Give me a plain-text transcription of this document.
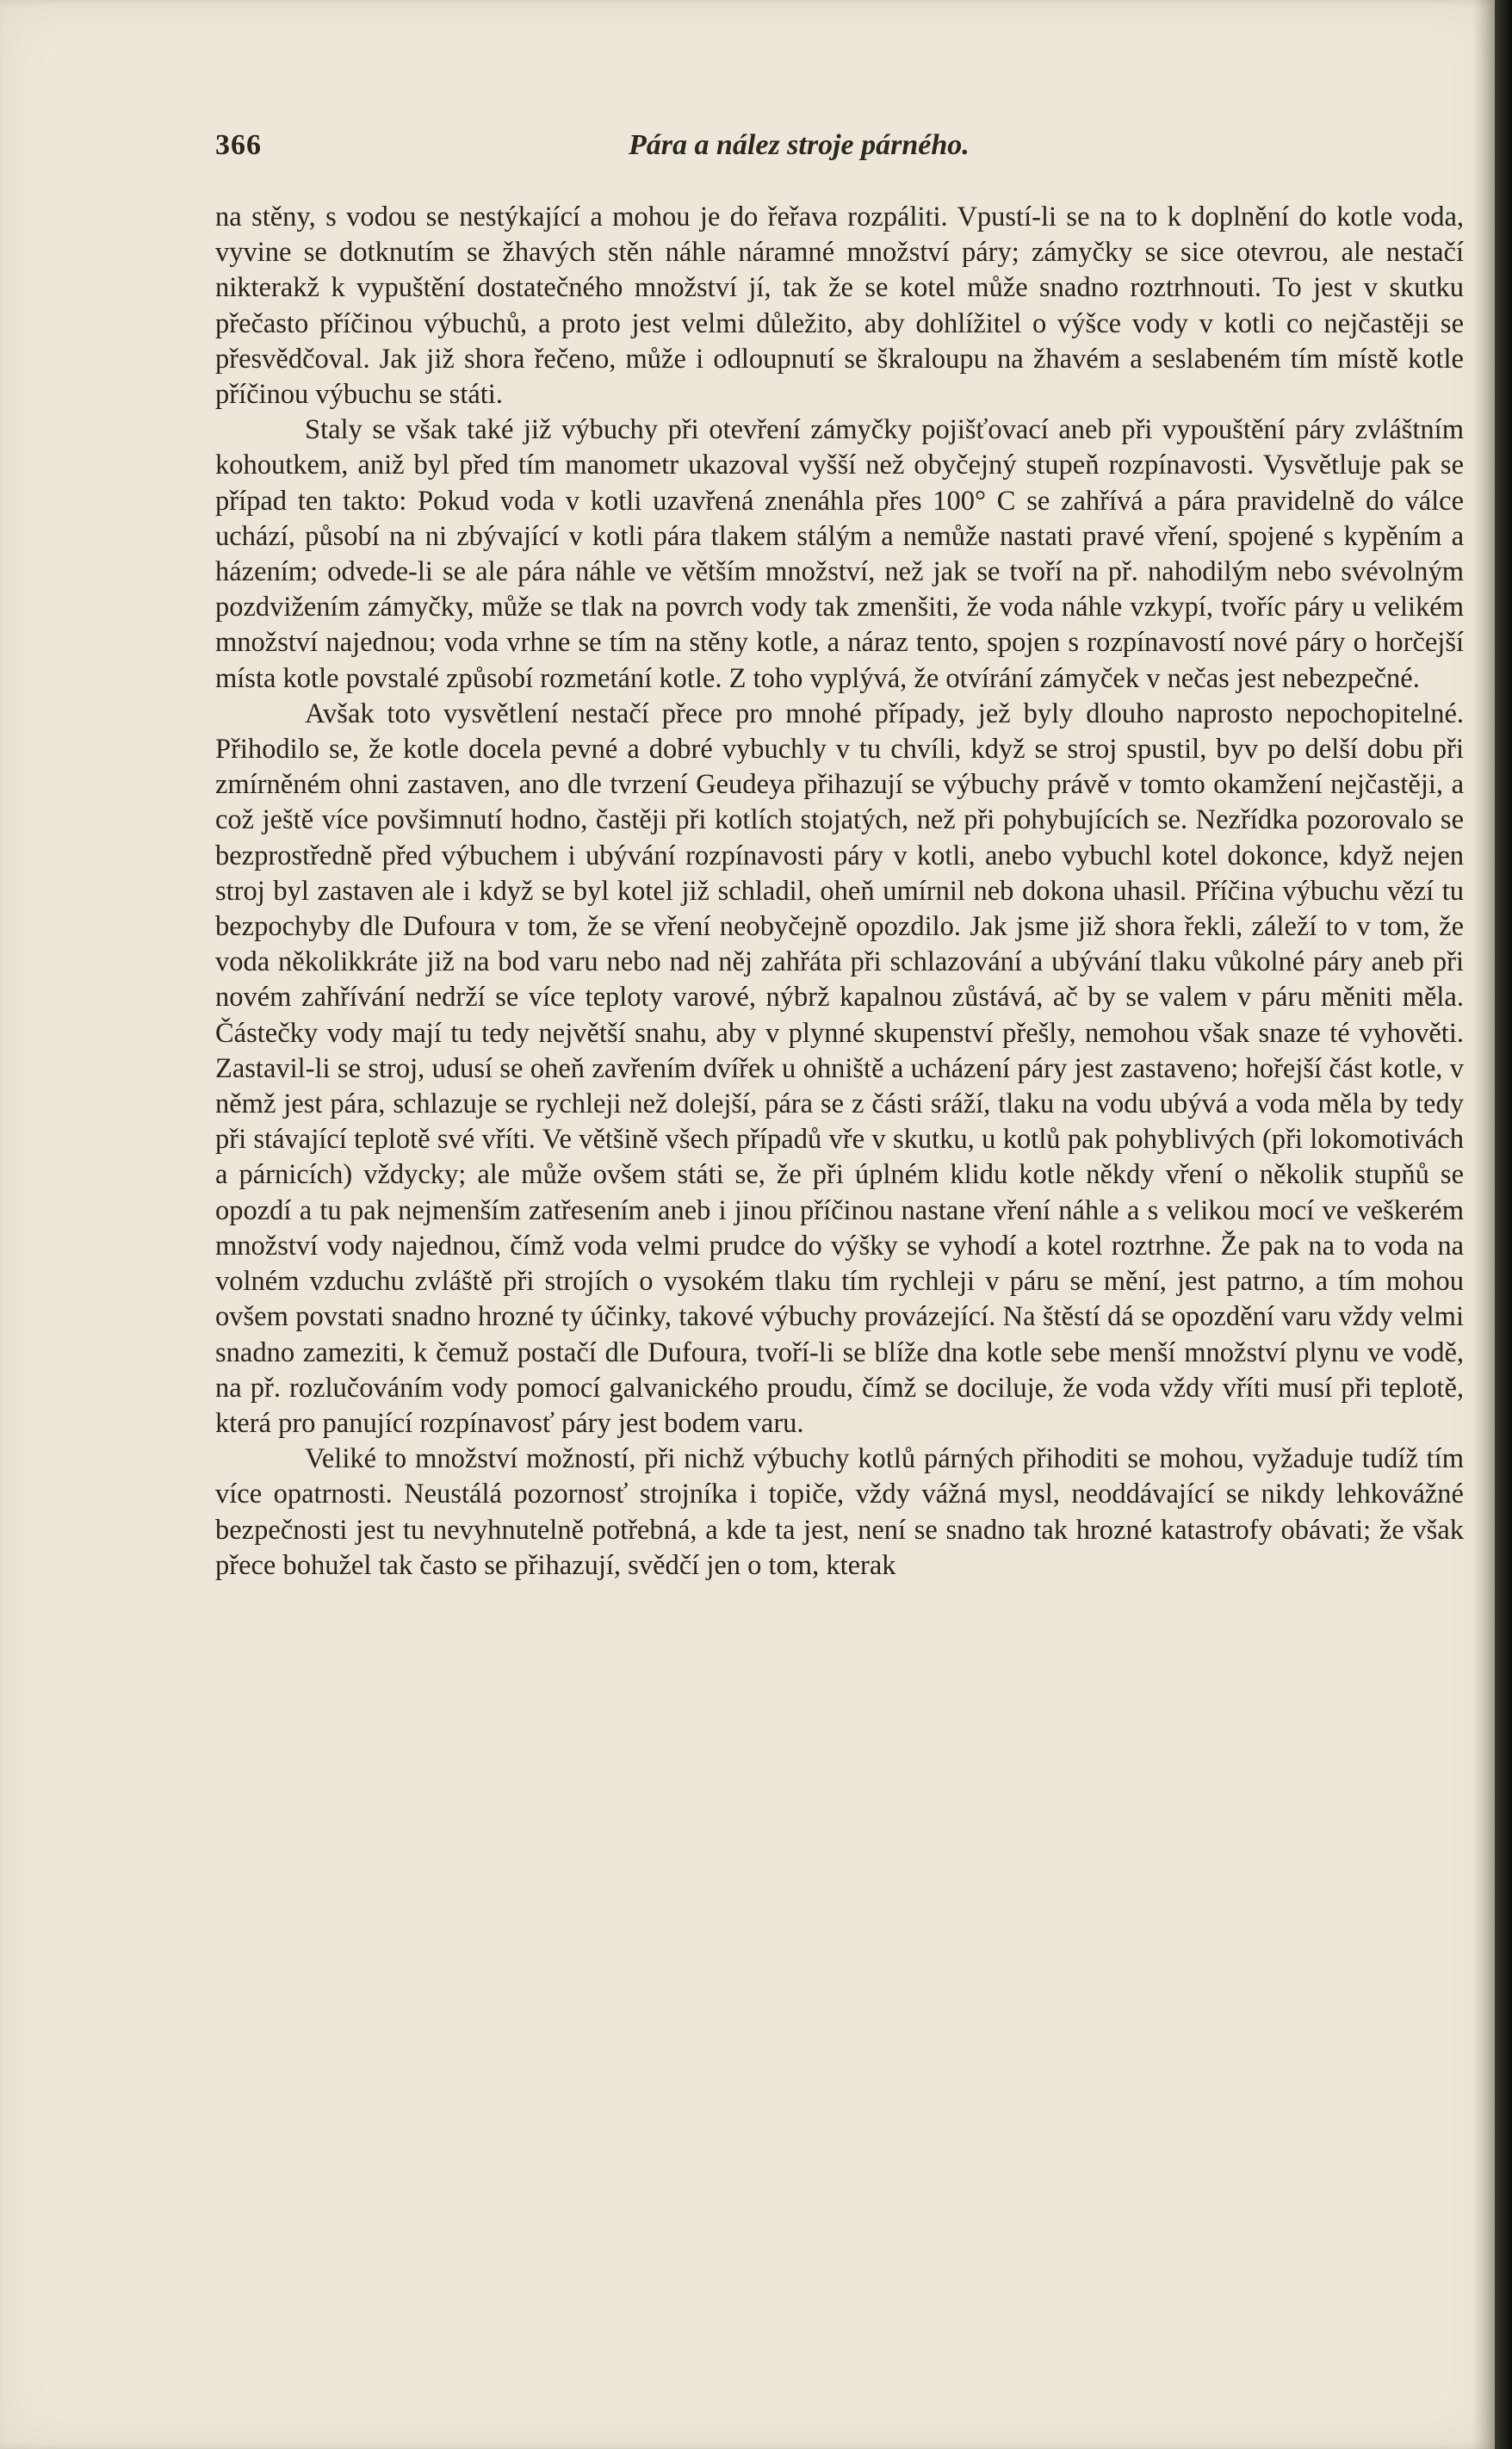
366	Pára a nález stroje párného.

na stěny, s vodou se nestýkající a mohou je do řeřava rozpáliti. Vpustí-li se na to k doplnění do kotle voda, vyvine se dotknutím se žhavých stěn náhle náramné množství páry; zámyčky se sice otevrou, ale nestačí nikterakž k vypuštění dostatečného množství jí, tak že se kotel může snadno roztrhnouti. To jest v skutku přečasto příčinou výbuchů, a proto jest velmi důležito, aby dohlížitel o výšce vody v kotli co nejčastěji se přesvědčoval. Jak již shora řečeno, může i odloupnutí se škraloupu na žhavém a seslabeném tím místě kotle příčinou výbuchu se státi.

Staly se však také již výbuchy při otevření zámyčky pojišťovací aneb při vypouštění páry zvláštním kohoutkem, aniž byl před tím manometr ukazoval vyšší než obyčejný stupeň rozpínavosti. Vysvětluje pak se případ ten takto: Pokud voda v kotli uzavřená znenáhla přes 100° C se zahřívá a pára pravidelně do válce uchází, působí na ni zbývající v kotli pára tlakem stálým a nemůže nastati pravé vření, spojené s kypěním a házením; odvede-li se ale pára náhle ve větším množství, než jak se tvoří na př. nahodilým nebo svévolným pozdvižením zámyčky, může se tlak na povrch vody tak zmenšiti, že voda náhle vzkypí, tvoříc páry u velikém množství najednou; voda vrhne se tím na stěny kotle, a náraz tento, spojen s rozpínavostí nové páry o horčejší místa kotle povstalé způsobí rozmetání kotle. Z toho vyplývá, že otvírání zámyček v nečas jest nebezpečné.

Avšak toto vysvětlení nestačí přece pro mnohé případy, jež byly dlouho naprosto nepochopitelné. Přihodilo se, že kotle docela pevné a dobré vybuchly v tu chvíli, když se stroj spustil, byv po delší dobu při zmírněném ohni zastaven, ano dle tvrzení Geudeya přihazují se výbuchy právě v tomto okamžení nejčastěji, a což ještě více povšimnutí hodno, častěji při kotlích stojatých, než při pohybujících se. Nezřídka pozorovalo se bezprostředně před výbuchem i ubývání rozpínavosti páry v kotli, anebo vybuchl kotel dokonce, když nejen stroj byl zastaven ale i když se byl kotel již schladil, oheň umírnil neb dokona uhasil. Příčina výbuchu vězí tu bezpochyby dle Dufoura v tom, že se vření neobyčejně opozdilo. Jak jsme již shora řekli, záleží to v tom, že voda několikkráte již na bod varu nebo nad něj zahřáta při schlazování a ubývání tlaku vůkolné páry aneb při novém zahřívání nedrží se více teploty varové, nýbrž kapalnou zůstává, ač by se valem v páru měniti měla. Částečky vody mají tu tedy největší snahu, aby v plynné skupenství přešly, nemohou však snaze té vyhověti. Zastavil-li se stroj, udusí se oheň zavřením dvířek u ohniště a ucházení páry jest zastaveno; hořejší část kotle, v němž jest pára, schlazuje se rychleji než dolejší, pára se z části sráží, tlaku na vodu ubývá a voda měla by tedy při stávající teplotě své vříti. Ve většině všech případů vře v skutku, u kotlů pak pohyblivých (při lokomotivách a párnicích) vždycky; ale může ovšem státi se, že při úplném klidu kotle někdy vření o několik stupňů se opozdí a tu pak nejmenším zatřesením aneb i jinou příčinou nastane vření náhle a s velikou mocí ve veškerém množství vody najednou, čímž voda velmi prudce do výšky se vyhodí a kotel roztrhne. Že pak na to voda na volném vzduchu zvláště při strojích o vysokém tlaku tím rychleji v páru se mění, jest patrno, a tím mohou ovšem povstati snadno hrozné ty účinky, takové výbuchy provázející. Na štěstí dá se opozdění varu vždy velmi snadno zameziti, k čemuž postačí dle Dufoura, tvoří-li se blíže dna kotle sebe menší množství plynu ve vodě, na př. rozlučováním vody pomocí galvanického proudu, čímž se dociluje, že voda vždy vříti musí při teplotě, která pro panující rozpínavosť páry jest bodem varu.

Veliké to množství možností, při nichž výbuchy kotlů párných přihoditi se mohou, vyžaduje tudíž tím více opatrnosti. Neustálá pozornosť strojníka i topiče, vždy vážná mysl, neoddávající se nikdy lehkovážné bezpečnosti jest tu nevyhnutelně potřebná, a kde ta jest, není se snadno tak hrozné katastrofy obávati; že však přece bohužel tak často se přihazují, svědčí jen o tom, kterak
